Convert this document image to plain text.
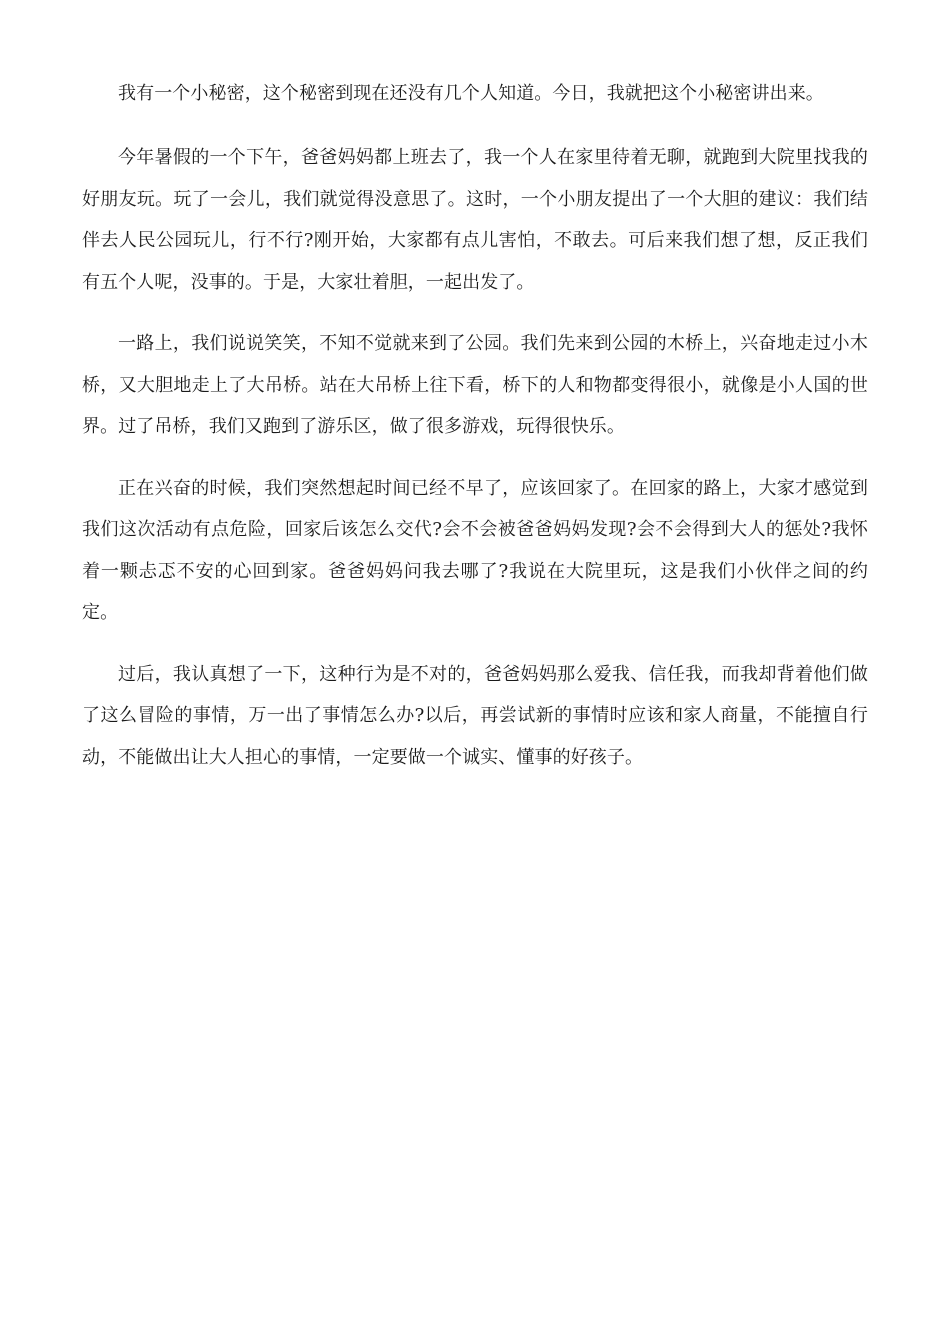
我有一个小秘密，这个秘密到现在还没有几个人知道。今日，我就把这个小秘密讲出来。

今年暑假的一个下午，爸爸妈妈都上班去了，我一个人在家里待着无聊，就跑到大院里找我的好朋友玩。玩了一会儿，我们就觉得没意思了。这时，一个小朋友提出了一个大胆的建议：我们结伴去人民公园玩儿，行不行?刚开始，大家都有点儿害怕，不敢去。可后来我们想了想，反正我们有五个人呢，没事的。于是，大家壮着胆，一起出发了。

一路上，我们说说笑笑，不知不觉就来到了公园。我们先来到公园的木桥上，兴奋地走过小木桥，又大胆地走上了大吊桥。站在大吊桥上往下看，桥下的人和物都变得很小，就像是小人国的世界。过了吊桥，我们又跑到了游乐区，做了很多游戏，玩得很快乐。

正在兴奋的时候，我们突然想起时间已经不早了，应该回家了。在回家的路上，大家才感觉到我们这次活动有点危险，回家后该怎么交代?会不会被爸爸妈妈发现?会不会得到大人的惩处?我怀着一颗忐忑不安的心回到家。爸爸妈妈问我去哪了?我说在大院里玩，这是我们小伙伴之间的约定。

过后，我认真想了一下，这种行为是不对的，爸爸妈妈那么爱我、信任我，而我却背着他们做了这么冒险的事情，万一出了事情怎么办?以后，再尝试新的事情时应该和家人商量，不能擅自行动，不能做出让大人担心的事情，一定要做一个诚实、懂事的好孩子。
